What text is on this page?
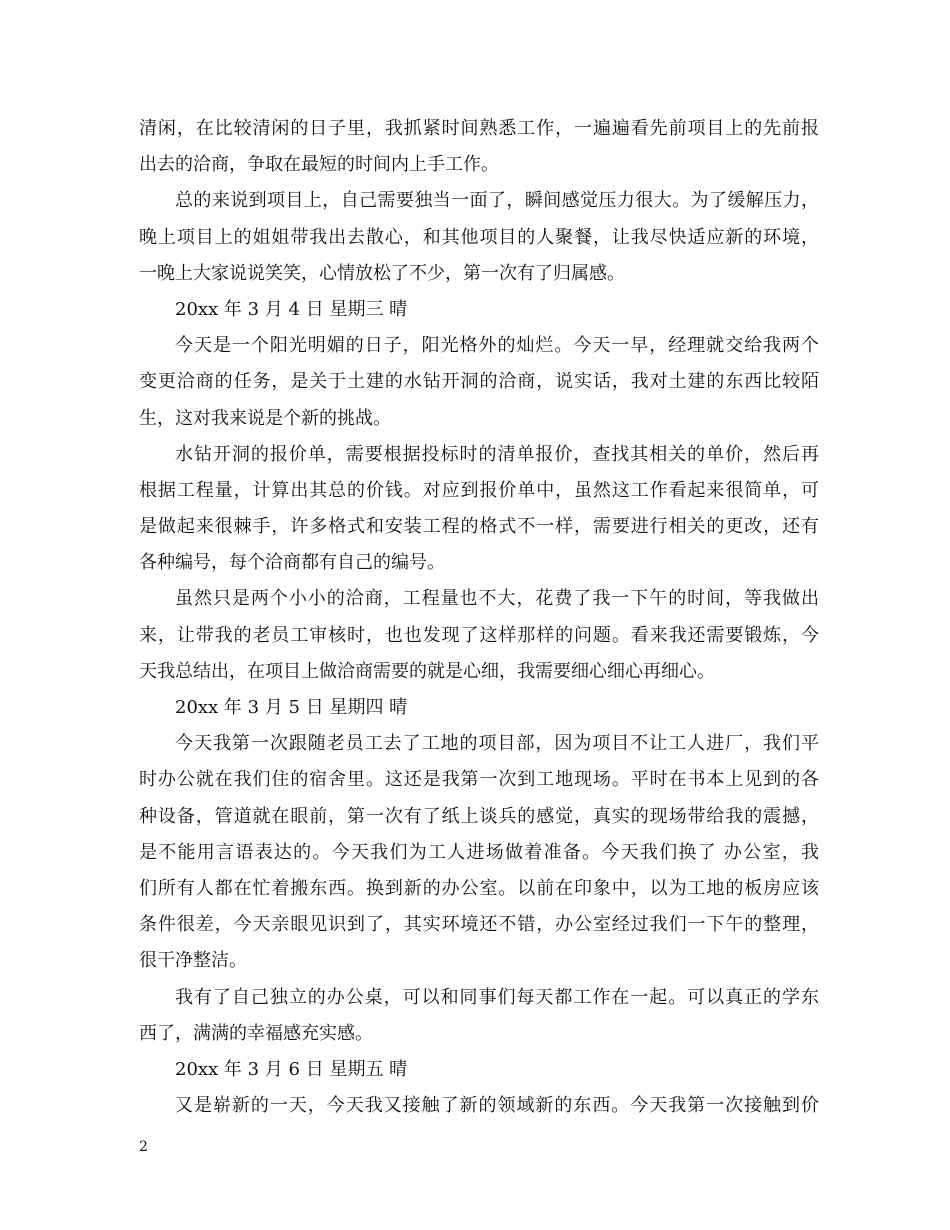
清闲，在比较清闲的日子里，我抓紧时间熟悉工作，一遍遍看先前项目上的先前报
出去的洽商，争取在最短的时间内上手工作。
总的来说到项目上，自己需要独当一面了，瞬间感觉压力很大。为了缓解压力，
晚上项目上的姐姐带我出去散心，和其他项目的人聚餐，让我尽快适应新的环境，
一晚上大家说说笑笑，心情放松了不少，第一次有了归属感。
20xx 年 3 月 4 日 星期三 晴
今天是一个阳光明媚的日子，阳光格外的灿烂。今天一早，经理就交给我两个
变更洽商的任务，是关于土建的水钻开洞的洽商，说实话，我对土建的东西比较陌
生，这对我来说是个新的挑战。
水钻开洞的报价单，需要根据投标时的清单报价，查找其相关的单价，然后再
根据工程量，计算出其总的价钱。对应到报价单中，虽然这工作看起来很简单，可
是做起来很棘手，许多格式和安装工程的格式不一样，需要进行相关的更改，还有
各种编号，每个洽商都有自己的编号。
虽然只是两个小小的洽商，工程量也不大，花费了我一下午的时间，等我做出
来，让带我的老员工审核时，也也发现了这样那样的问题。看来我还需要锻炼，今
天我总结出，在项目上做洽商需要的就是心细，我需要细心细心再细心。
20xx 年 3 月 5 日 星期四 晴
今天我第一次跟随老员工去了工地的项目部，因为项目不让工人进厂，我们平
时办公就在我们住的宿舍里。这还是我第一次到工地现场。平时在书本上见到的各
种设备，管道就在眼前，第一次有了纸上谈兵的感觉，真实的现场带给我的震撼，
是不能用言语表达的。今天我们为工人进场做着准备。今天我们换了 办公室，我
们所有人都在忙着搬东西。换到新的办公室。以前在印象中，以为工地的板房应该
条件很差，今天亲眼见识到了，其实环境还不错，办公室经过我们一下午的整理，
很干净整洁。
我有了自己独立的办公桌，可以和同事们每天都工作在一起。可以真正的学东
西了，满满的幸福感充实感。
20xx 年 3 月 6 日 星期五 晴
又是崭新的一天，今天我又接触了新的领域新的东西。今天我第一次接触到价
2
